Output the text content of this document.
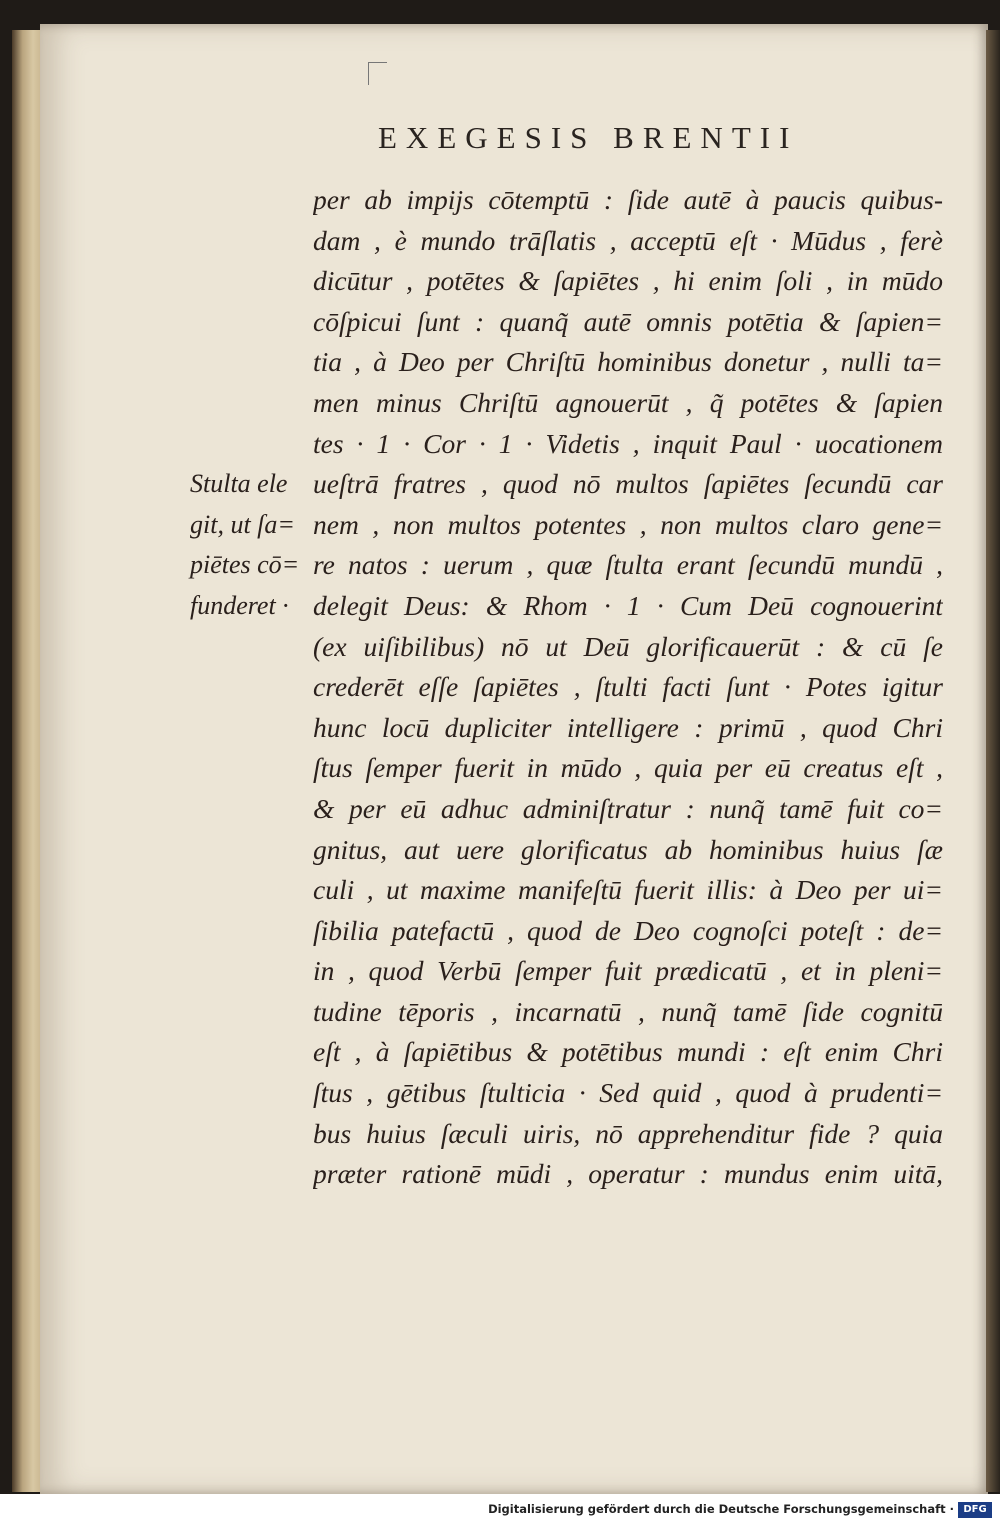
EXEGESIS BRENTII
Stulta ele
git, ut ſa=
piētes cō=
funderet ·
per ab impijs cōtemptū : ſide autē à paucis quibus-
dam , è mundo trāſlatis , acceptū eſt · Mūdus , ferè
dicūtur , potētes & ſapiētes , hi enim ſoli , in mūdo
cōſpicui ſunt : quanq̃ autē omnis potētia & ſapien=
tia , à Deo per Chriſtū hominibus donetur , nulli ta=
men minus Chriſtū agnouerūt , q̃ potētes & ſapien
tes · 1 · Cor · 1 · Videtis , inquit Paul · uocationem
ueſtrā fratres , quod nō multos ſapiētes ſecundū car
nem , non multos potentes , non multos claro gene=
re natos : uerum , quæ ſtulta erant ſecundū mundū ,
delegit Deus: & Rhom · 1 · Cum Deū cognouerint
(ex uiſibilibus) nō ut Deū glorificauerūt : & cū ſe
crederēt eſſe ſapiētes , ſtulti facti ſunt · Potes igitur
hunc locū dupliciter intelligere : primū , quod Chri
ſtus ſemper fuerit in mūdo , quia per eū creatus eſt ,
& per eū adhuc adminiſtratur : nunq̃ tamē fuit co=
gnitus, aut uere glorificatus ab hominibus huius ſæ
culi , ut maxime manifeſtū fuerit illis: à Deo per ui=
ſibilia patefactū , quod de Deo cognoſci poteſt : de=
in , quod Verbū ſemper fuit prædicatū , et in pleni=
tudine tēporis , incarnatū , nunq̃ tamē ſide cognitū
eſt , à ſapiētibus & potētibus mundi : eſt enim Chri
ſtus , gētibus ſtulticia · Sed quid , quod à prudenti=
bus huius ſæculi uiris, nō apprehenditur fide ? quia
præter rationē mūdi , operatur : mundus enim uitā,
Digitalisierung gefördert durch die Deutsche Forschungsgemeinschaft · DFG
